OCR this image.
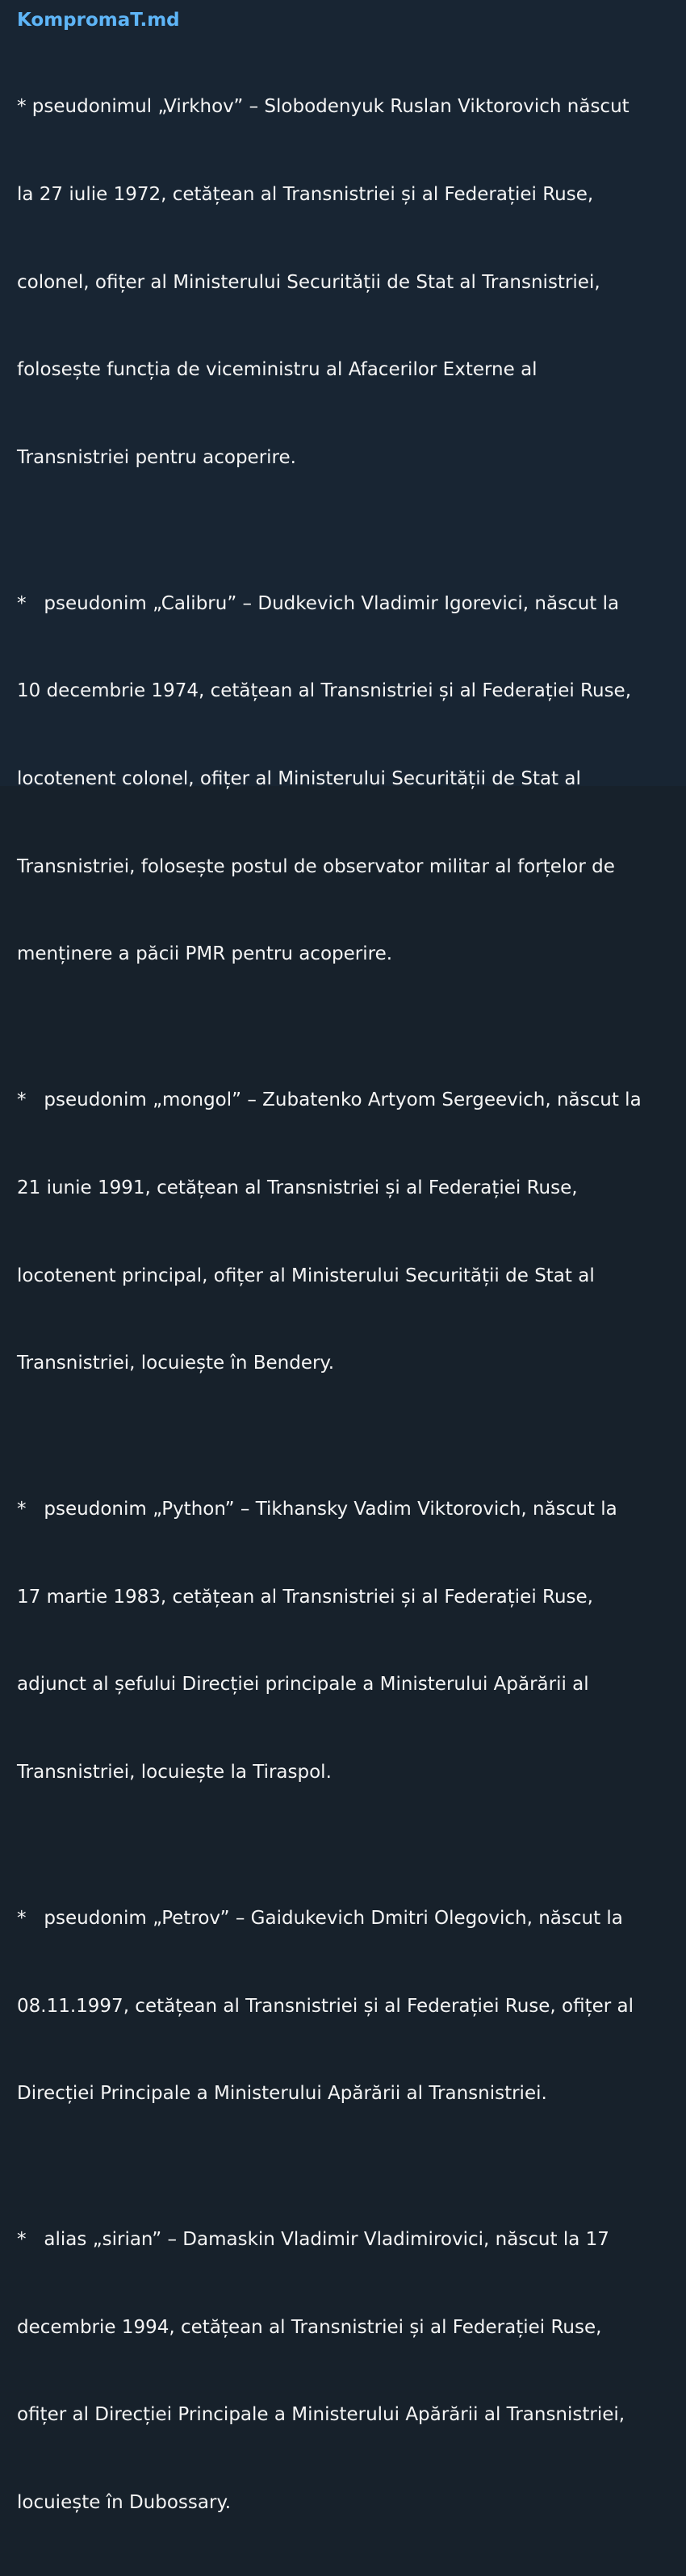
KompromaT.md

* pseudonimul „Virkhov” – Slobodenyuk Ruslan Viktorovich născut

la 27 iulie 1972, cetățean al Transnistriei și al Federației Ruse,

colonel, ofițer al Ministerului Securității de Stat al Transnistriei,

folosește funcția de viceministru al Afacerilor Externe al

Transnistriei pentru acoperire.

*   pseudonim „Calibru” – Dudkevich Vladimir Igorevici, născut la

10 decembrie 1974, cetățean al Transnistriei și al Federației Ruse,

locotenent colonel, ofițer al Ministerului Securității de Stat al

Transnistriei, folosește postul de observator militar al forțelor de

menținere a păcii PMR pentru acoperire.

*   pseudonim „mongol” – Zubatenko Artyom Sergeevich, născut la

21 iunie 1991, cetățean al Transnistriei și al Federației Ruse,

locotenent principal, ofițer al Ministerului Securității de Stat al

Transnistriei, locuiește în Bendery.

*   pseudonim „Python” – Tikhansky Vadim Viktorovich, născut la

17 martie 1983, cetățean al Transnistriei și al Federației Ruse,

adjunct al șefului Direcției principale a Ministerului Apărării al

Transnistriei, locuiește la Tiraspol.

*   pseudonim „Petrov” – Gaidukevich Dmitri Olegovich, născut la

08.11.1997, cetățean al Transnistriei și al Federației Ruse, ofițer al

Direcției Principale a Ministerului Apărării al Transnistriei.

*   alias „sirian” – Damaskin Vladimir Vladimirovici, născut la 17

decembrie 1994, cetățean al Transnistriei și al Federației Ruse,

ofițer al Direcției Principale a Ministerului Apărării al Transnistriei,

locuiește în Dubossary.
